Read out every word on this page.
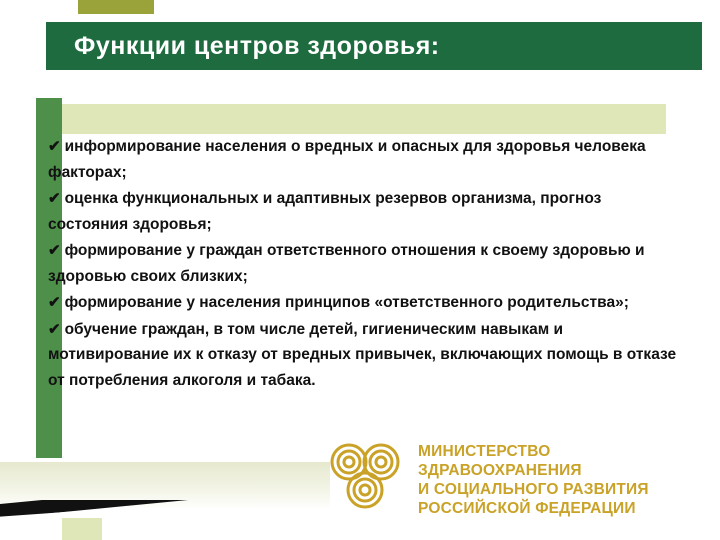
Функции центров здоровья:

✔ информирование населения о вредных и опасных для здоровья человека факторах;

✔ оценка функциональных и адаптивных резервов организма, прогноз состояния здоровья;

✔ формирование у граждан ответственного отношения к своему здоровью и здоровью своих близких;

✔ формирование у населения принципов «ответственного родительства»;

✔ обучение граждан, в том числе детей, гигиеническим навыкам и мотивирование их к отказу от вредных привычек, включающих помощь в отказе от потребления алкоголя и табака.

МИНИСТЕРСТВО
ЗДРАВООХРАНЕНИЯ
И СОЦИАЛЬНОГО РАЗВИТИЯ
РОССИЙСКОЙ ФЕДЕРАЦИИ
